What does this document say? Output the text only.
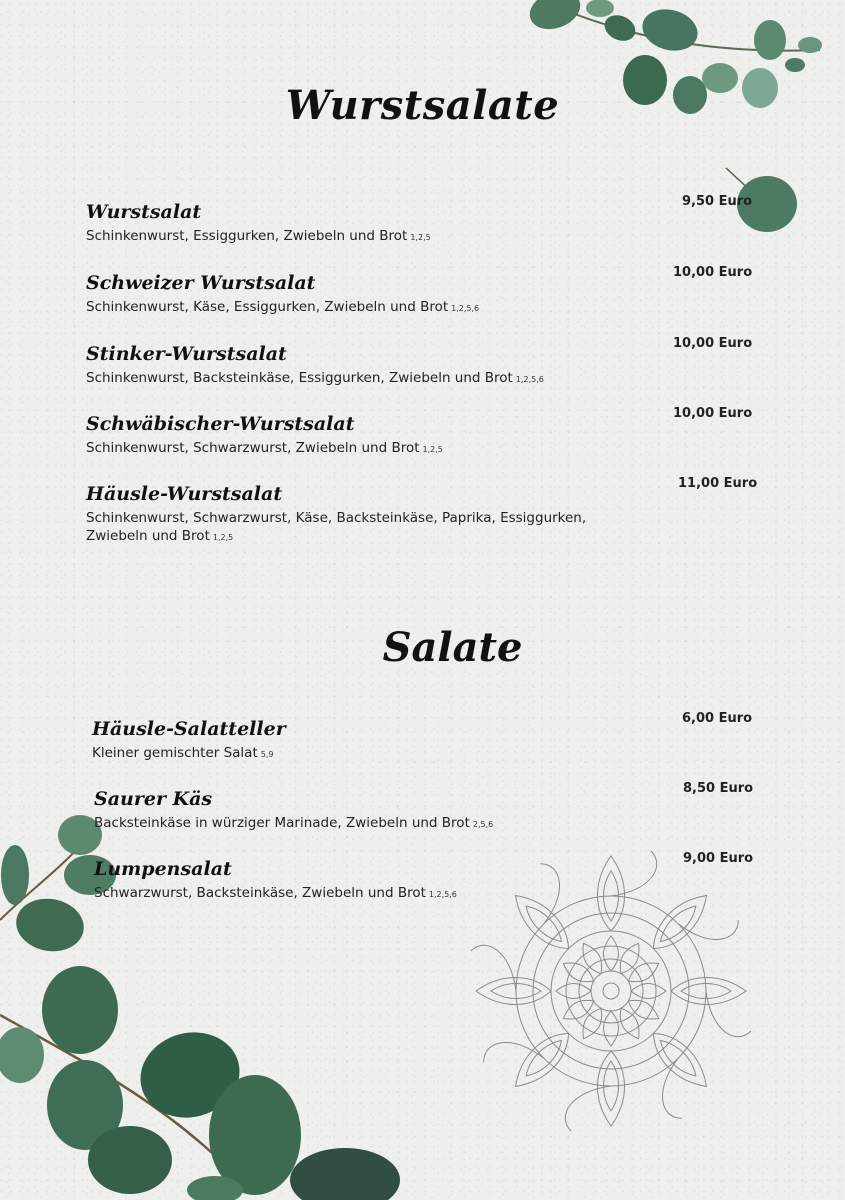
Wurstsalate
Wurstsalat
Schinkenwurst, Essiggurken, Zwiebeln und Brot 1,2,5
9,50 Euro
Schweizer Wurstsalat
Schinkenwurst, Käse, Essiggurken, Zwiebeln und Brot 1,2,5,6
10,00 Euro
Stinker-Wurstsalat
Schinkenwurst, Backsteinkäse, Essiggurken, Zwiebeln und Brot 1,2,5,6
10,00 Euro
Schwäbischer-Wurstsalat
Schinkenwurst, Schwarzwurst, Zwiebeln und Brot 1,2,5
10,00 Euro
Häusle-Wurstsalat
Schinkenwurst, Schwarzwurst, Käse, Backsteinkäse, Paprika, Essiggurken, Zwiebeln und Brot 1,2,5
11,00 Euro
Salate
Häusle-Salatteller
Kleiner gemischter Salat 5,9
6,00 Euro
Saurer Käs
Backsteinkäse in würziger Marinade, Zwiebeln und Brot 2,5,6
8,50 Euro
Lumpensalat
Schwarzwurst, Backsteinkäse, Zwiebeln und Brot 1,2,5,6
9,00 Euro
